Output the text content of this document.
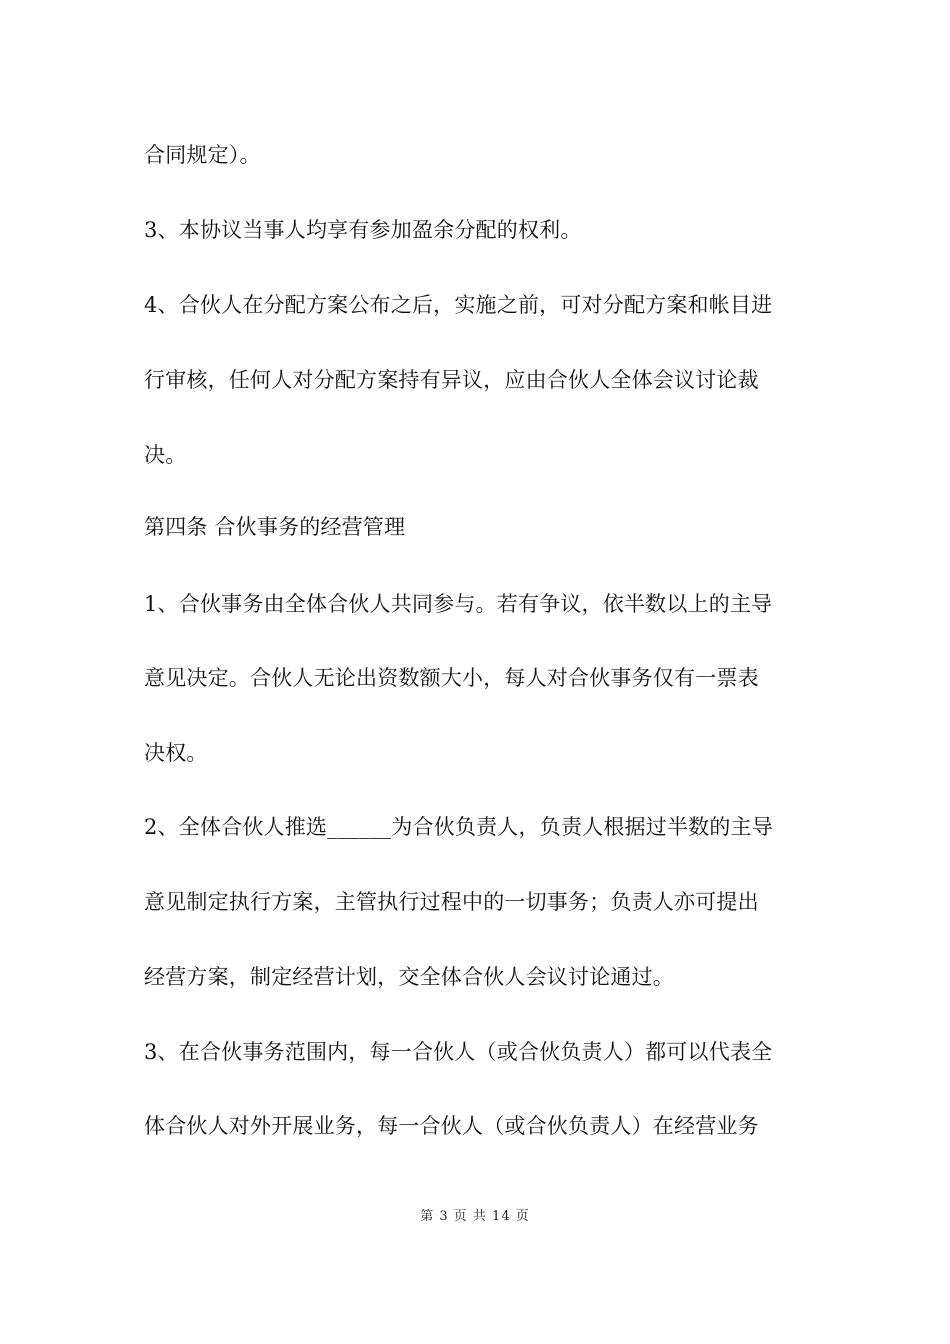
合同规定）。
3、本协议当事人均享有参加盈余分配的权利。
4、合伙人在分配方案公布之后，实施之前，可对分配方案和帐目进
行审核，任何人对分配方案持有异议，应由合伙人全体会议讨论裁
决。
第四条 合伙事务的经营管理
1、合伙事务由全体合伙人共同参与。若有争议，依半数以上的主导
意见决定。合伙人无论出资数额大小，每人对合伙事务仅有一票表
决权。
2、全体合伙人推选______为合伙负责人，负责人根据过半数的主导
意见制定执行方案，主管执行过程中的一切事务；负责人亦可提出
经营方案，制定经营计划，交全体合伙人会议讨论通过。
3、在合伙事务范围内，每一合伙人（或合伙负责人）都可以代表全
体合伙人对外开展业务，每一合伙人（或合伙负责人）在经营业务
第 3 页 共 14 页
